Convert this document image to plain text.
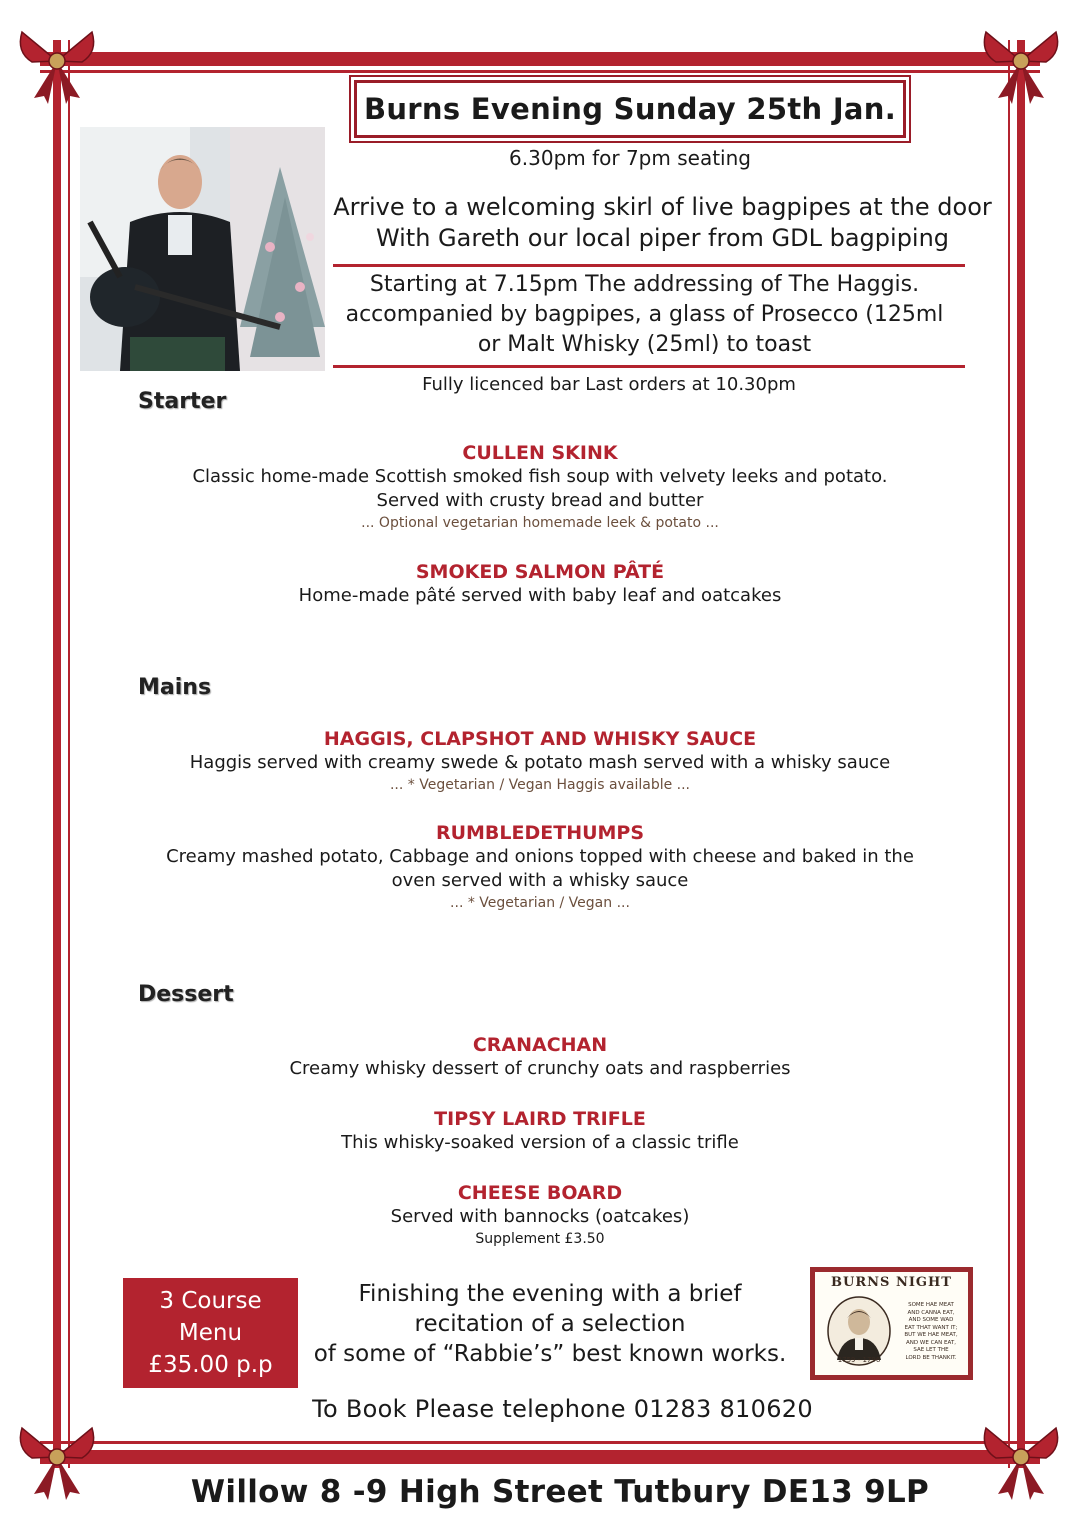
Burns Evening Sunday 25th Jan.
6.30pm for 7pm seating
Arrive to a welcoming skirl of live bagpipes at the door
With Gareth our local piper from GDL bagpiping
Starting at 7.15pm The addressing of The Haggis.
accompanied by bagpipes, a glass of Prosecco (125ml
or Malt Whisky (25ml) to toast
Fully licenced bar Last orders at 10.30pm
Starter
CULLEN SKINK
Classic home-made Scottish smoked fish soup with velvety leeks and potato.
Served with crusty bread and butter
... Optional vegetarian homemade leek & potato ...
SMOKED SALMON PÂTÉ
Home-made pâté served with baby leaf and oatcakes
Mains
HAGGIS, CLAPSHOT AND WHISKY SAUCE
Haggis served with creamy swede & potato mash served with a whisky sauce
... * Vegetarian / Vegan Haggis available ...
RUMBLEDETHUMPS
Creamy mashed potato, Cabbage and onions topped with cheese and baked in the
oven served with a whisky sauce
... * Vegetarian / Vegan ...
Dessert
CRANACHAN
Creamy whisky dessert of crunchy oats and raspberries
TIPSY LAIRD TRIFLE
This whisky-soaked version of a classic trifle
CHEESE BOARD
Served with bannocks (oatcakes)
Supplement £3.50
3 Course
Menu
£35.00 p.p
Finishing the evening with a brief
recitation of a selection
of some of “Rabbie’s” best known works.
BURNS NIGHT
1759 - 1796
SOME HAE MEAT
AND CANNA EAT,
AND SOME WAD
EAT THAT WANT IT;
BUT WE HAE MEAT,
AND WE CAN EAT,
SAE LET THE
LORD BE THANKIT.
To Book Please telephone 01283 810620
Willow 8 -9 High Street Tutbury DE13 9LP
